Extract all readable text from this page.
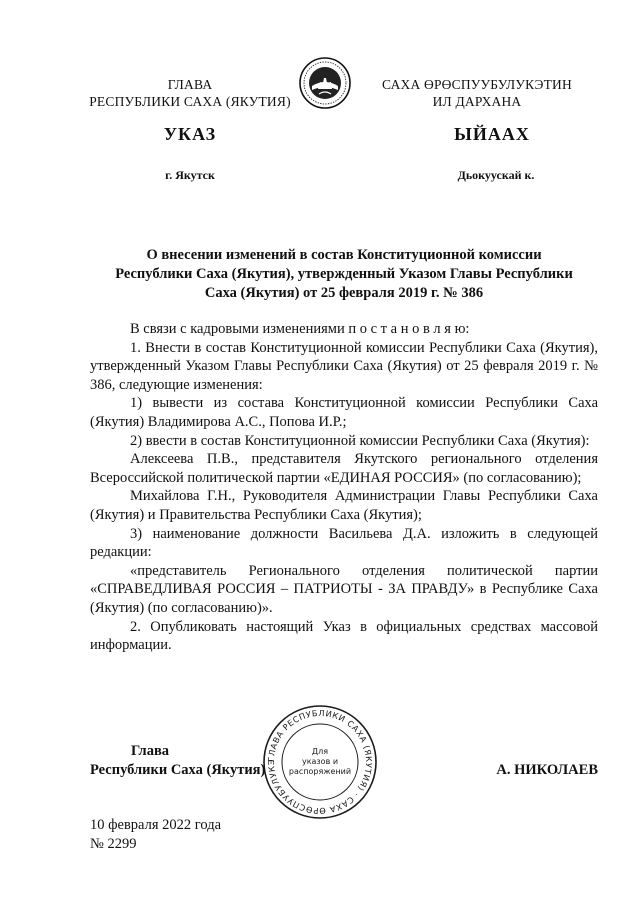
ГЛАВА
РЕСПУБЛИКИ САХА (ЯКУТИЯ)
САХА ӨРӨСПУУБУЛУКЭТИН
ИЛ ДАРХАНА
УКАЗ	ЫЙААХ
г. Якутск	Дьокуускай к.
О внесении изменений в состав Конституционной комиссии
Республики Саха (Якутия), утвержденный Указом Главы Республики
Саха (Якутия) от 25 февраля 2019 г. № 386

В связи с кадровыми изменениями п о с т а н о в л я ю:

1. Внести в состав Конституционной комиссии Республики Саха (Якутия), утвержденный Указом Главы Республики Саха (Якутия) от 25 февраля 2019 г. № 386, следующие изменения:

1) вывести из состава Конституционной комиссии Республики Саха (Якутия) Владимирова А.С., Попова И.Р.;

2) ввести в состав Конституционной комиссии Республики Саха (Якутия):

Алексеева П.В., представителя Якутского регионального отделения Всероссийской политической партии «ЕДИНАЯ РОССИЯ» (по согласованию);

Михайлова Г.Н., Руководителя Администрации Главы Республики Саха (Якутия) и Правительства Республики Саха (Якутия);

3) наименование должности Васильева Д.А. изложить в следующей редакции:

«представитель Регионального отделения политической партии «СПРАВЕДЛИВАЯ РОССИЯ – ПАТРИОТЫ - ЗА ПРАВДУ» в Республике Саха (Якутия) (по согласованию)».

2. Опубликовать настоящий Указ в официальных средствах массовой информации.

Глава
Республики Саха (Якутия)
ГЛАВА РЕСПУБЛИКИ САХА (ЯКУТИЯ) · САХА ӨРӨСПУУБУЛУКЭ
Для
указов и
распоряжений	А. НИКОЛАЕВ
10 февраля 2022 года
№ 2299
